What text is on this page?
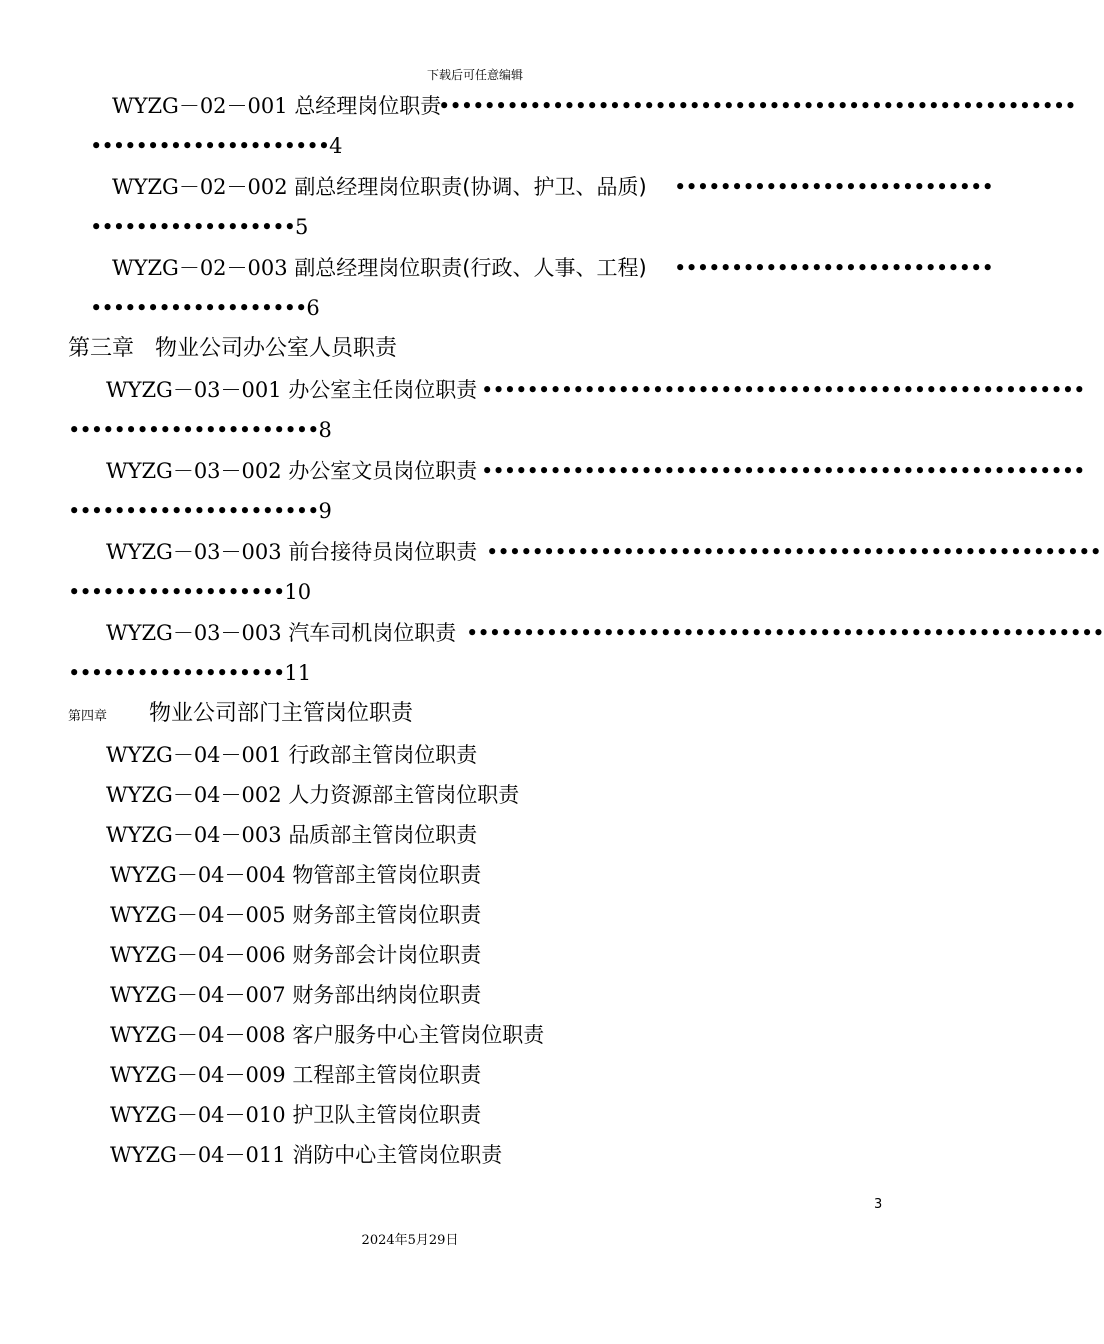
下载后可任意编辑
WYZG－02－001 总经理岗位职责
••••••••••••••••••••••••••••••••••••••••••••••••••••••••
•••••••••••••••••••••4
WYZG－02－002 副总经理岗位职责(协调、护卫、品质) ••••••••••••••••••••••••••••
••••••••••••••••••5
WYZG－02－003 副总经理岗位职责(行政、人事、工程) ••••••••••••••••••••••••••••
•••••••••••••••••••6
第三章 物业公司办公室人员职责
WYZG－03－001 办公室主任岗位职责 •••••••••••••••••••••••••••••••••••••••••••••••••••••
••••••••••••••••••••••8
WYZG－03－002 办公室文员岗位职责 •••••••••••••••••••••••••••••••••••••••••••••••••••••
••••••••••••••••••••••9
WYZG－03－003 前台接待员岗位职责 ••••••••••••••••••••••••••••••••••••••••••••••••••••••
•••••••••••••••••••10
WYZG－03－003 汽车司机岗位职责 ••••••••••••••••••••••••••••••••••••••••••••••••••••••••
•••••••••••••••••••11
第四章 物业公司部门主管岗位职责
WYZG－04－001 行政部主管岗位职责
WYZG－04－002 人力资源部主管岗位职责
WYZG－04－003 品质部主管岗位职责
WYZG－04－004 物管部主管岗位职责
WYZG－04－005 财务部主管岗位职责
WYZG－04－006 财务部会计岗位职责
WYZG－04－007 财务部出纳岗位职责
WYZG－04－008 客户服务中心主管岗位职责
WYZG－04－009 工程部主管岗位职责
WYZG－04－010 护卫队主管岗位职责
WYZG－04－011 消防中心主管岗位职责
3
2024年5月29日
